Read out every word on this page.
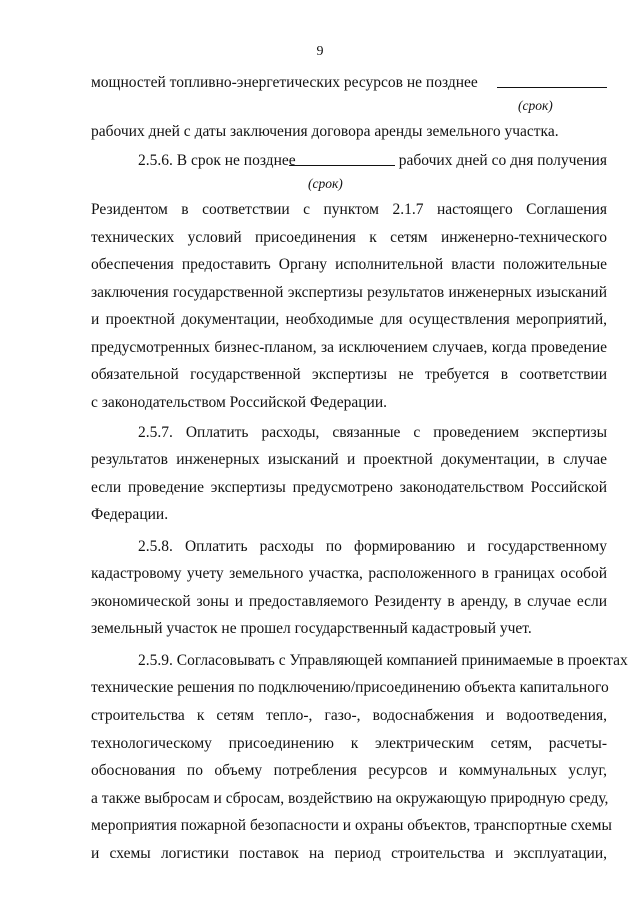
9
мощностей топливно-энергетических ресурсов не позднее
(срок)
рабочих дней с даты заключения договора аренды земельного участка.
2.5.6. В срок не позднее	рабочих дней со дня получения
(срок)
Резидентом в соответствии с пунктом 2.1.7 настоящего Соглашения
технических условий присоединения к сетям инженерно-технического
обеспечения предоставить Органу исполнительной власти положительные
заключения государственной экспертизы результатов инженерных изысканий
и проектной документации, необходимые для осуществления мероприятий,
предусмотренных бизнес-планом, за исключением случаев, когда проведение
обязательной государственной экспертизы не требуется в соответствии
с законодательством Российской Федерации.
2.5.7. Оплатить расходы, связанные с проведением экспертизы
результатов инженерных изысканий и проектной документации, в случае
если проведение экспертизы предусмотрено законодательством Российской
Федерации.
2.5.8. Оплатить расходы по формированию и государственному
кадастровому учету земельного участка, расположенного в границах особой
экономической зоны и предоставляемого Резиденту в аренду, в случае если
земельный участок не прошел государственный кадастровый учет.
2.5.9. Согласовывать с Управляющей компанией принимаемые в проектах
технические решения по подключению/присоединению объекта капитального
строительства к сетям тепло-, газо-, водоснабжения и водоотведения,
технологическому присоединению к электрическим сетям, расчеты-
обоснования по объему потребления ресурсов и коммунальных услуг,
а также выбросам и сбросам, воздействию на окружающую природную среду,
мероприятия пожарной безопасности и охраны объектов, транспортные схемы
и схемы логистики поставок на период строительства и эксплуатации,
